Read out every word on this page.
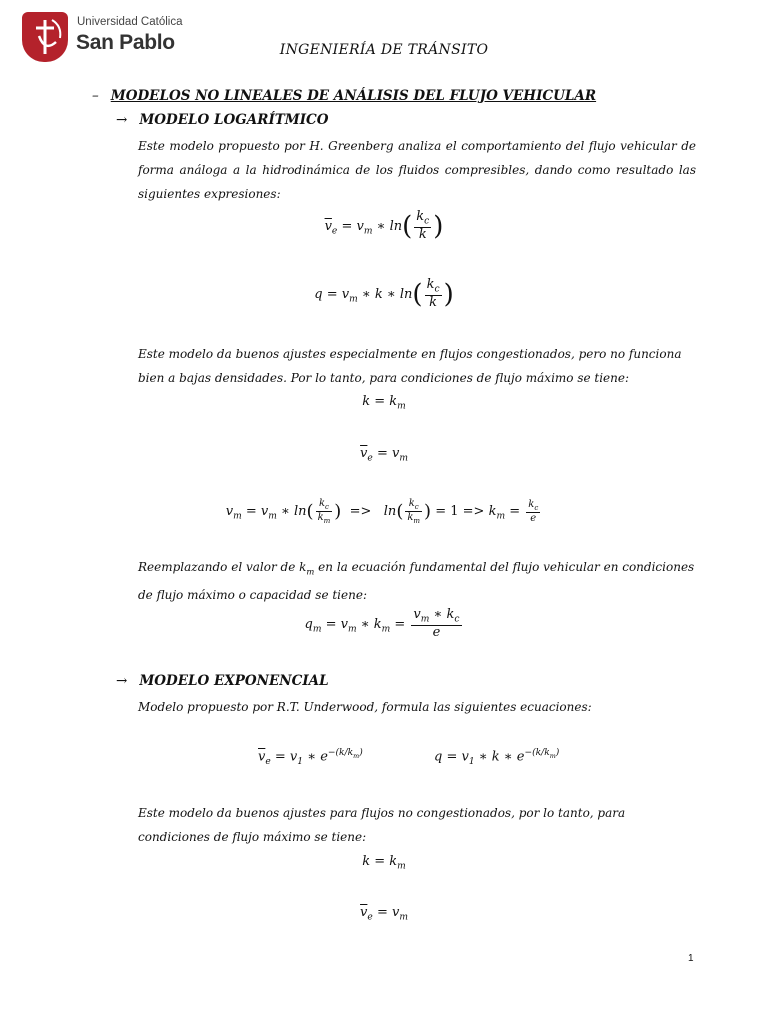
Universidad Católica
San Pablo	INGENIERÍA DE TRÁNSITO
– MODELOS NO LINEALES DE ANÁLISIS DEL FLUJO VEHICULAR
→ MODELO LOGARÍTMICO
Este modelo propuesto por H. Greenberg analiza el comportamiento del flujo vehicular de forma análoga a la hidrodinámica de los fluidos compresibles, dando como resultado las siguientes expresiones:
$\overline{v}_e = v_m$ ∗ $\ln( \frac{k_c}{k}$ )
$q = v_m$ ∗ k ∗ $\ln( \frac{k_c}{k}$ )
Este modelo da buenos ajustes especialmente en flujos congestionados, pero no funciona bien a bajas densidades. Por lo tanto, para condiciones de flujo máximo se tiene:
$k = k_m$
$\overline{v}_e = v_m$
$v_m = v_m$ ∗ $\ln( \frac{k_c}{k_m}$ )  =>   $\ln( \frac{k_c}{k_m}$ ) = $1 => k_m = \frac{k_c}{e}$
Reemplazando el valor de $k_m$ en la ecuación fundamental del flujo vehicular en condiciones de flujo máximo o capacidad se tiene:
$q_m = v_m$ ∗ $k_m = \frac{v_m ∗ k_c}{e}$
→ MODELO EXPONENCIAL
Modelo propuesto por R.T. Underwood, formula las siguientes ecuaciones:
$\overline{v}_e = v_1$ ∗ $e^{-(k/k_m)}$	$q = v_1$ ∗ k ∗ $e^{-(k/k_m)}$
Este modelo da buenos ajustes para flujos no congestionados, por lo tanto, para condiciones de flujo máximo se tiene:
$k = k_m$
$\overline{v}_e = v_m$
1
